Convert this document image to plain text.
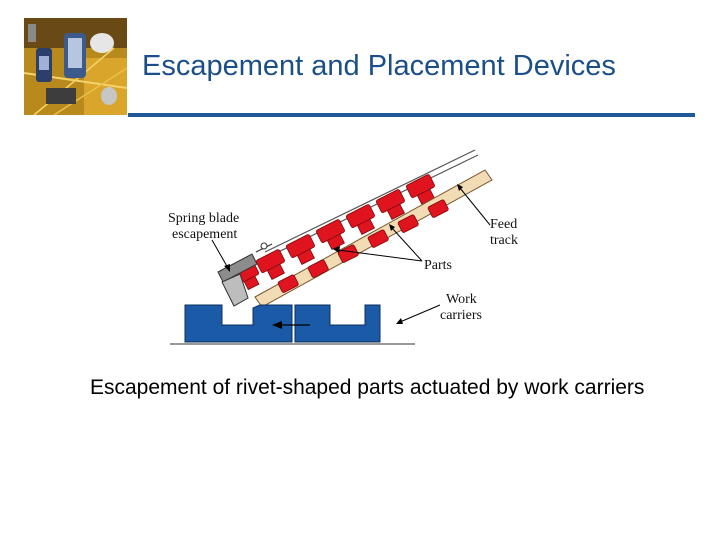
Escapement and Placement Devices
Spring blade
escapement
Feed
track
Parts
Work
carriers
Escapement of rivet-shaped parts actuated by work carriers
